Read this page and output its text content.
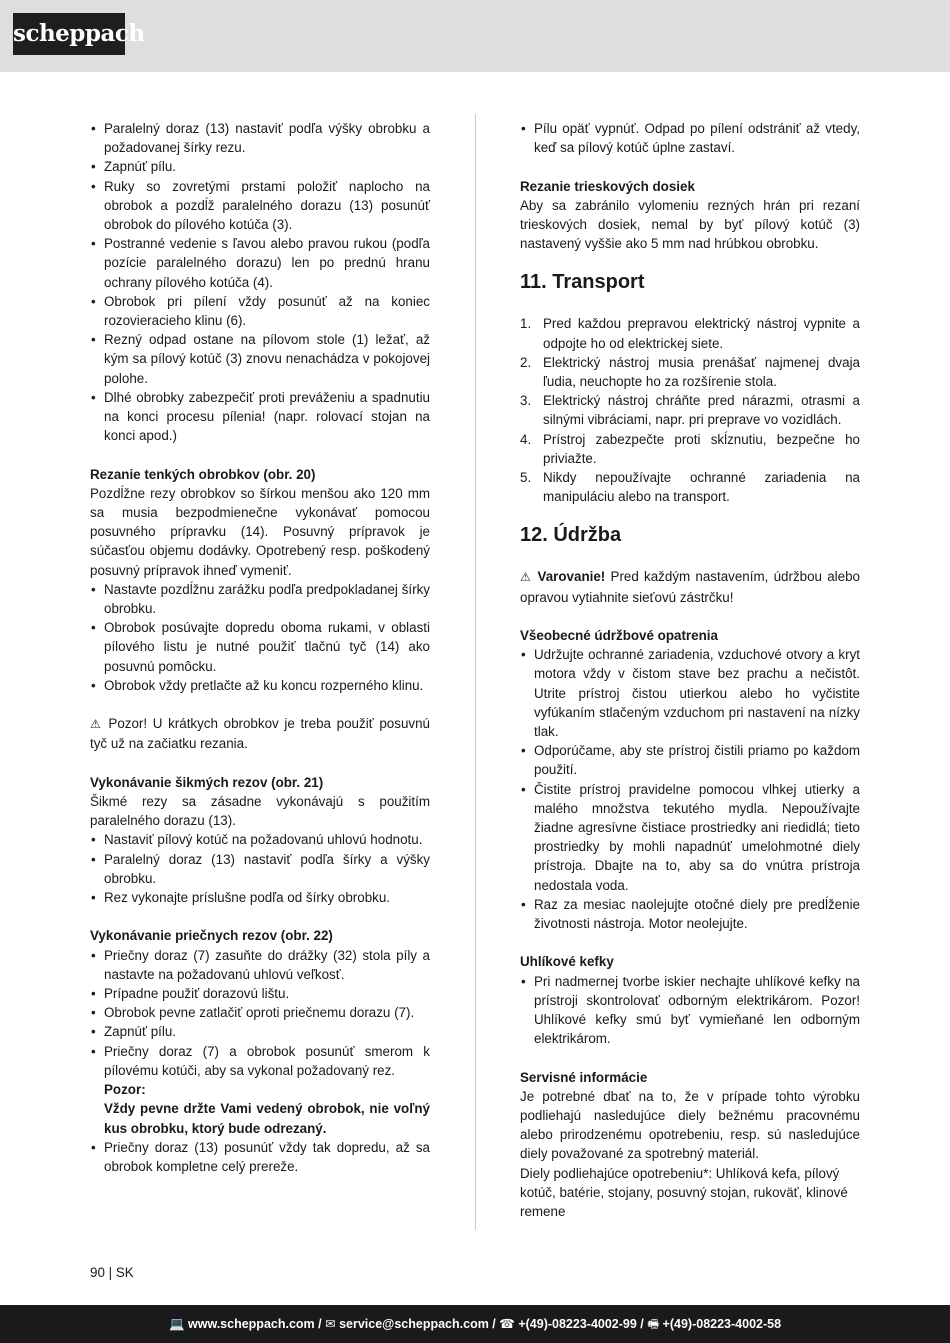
scheppach
• Paralelný doraz (13) nastaviť podľa výšky obrobku a požadovanej šírky rezu.
• Zapnúť pílu.
• Ruky so zovretými prstami položiť naplocho na obrobok a pozdĺž paralelného dorazu (13) posunúť obrobok do pílového kotúča (3).
• Postranné vedenie s ľavou alebo pravou rukou (podľa pozície paralelného dorazu) len po prednú hranu ochrany pílového kotúča (4).
• Obrobok pri pílení vždy posunúť až na koniec rozovieracieho klinu (6).
• Rezný odpad ostane na pílovom stole (1) ležať, až kým sa pílový kotúč (3) znovu nenachádza v pokojovej polohe.
• Dlhé obrobky zabezpečiť proti preváženiu a spadnutiu na konci procesu pílenia! (napr. rolovací stojan na konci apod.)

Rezanie tenkých obrobkov (obr. 20)

Pozdĺžne rezy obrobkov so šírkou menšou ako 120 mm sa musia bezpodmienečne vykonávať pomocou posuvného prípravku (14). Posuvný prípravok je súčasťou objemu dodávky. Opotrebený resp. poškodený posuvný prípravok ihneď vymeniť.

• Nastavte pozdĺžnu zarážku podľa predpokladanej šírky obrobku.
• Obrobok posúvajte dopredu oboma rukami, v oblasti pílového listu je nutné použiť tlačnú tyč (14) ako posuvnú pomôcku.
• Obrobok vždy pretlačte až ku koncu rozperného klinu.

⚠ Pozor! U krátkych obrobkov je treba použiť posuvnú tyč už na začiatku rezania.

Vykonávanie šikmých rezov (obr. 21)

Šikmé rezy sa zásadne vykonávajú s použitím paralelného dorazu (13).

• Nastaviť pílový kotúč na požadovanú uhlovú hodnotu.
• Paralelný doraz (13) nastaviť podľa šírky a výšky obrobku.
• Rez vykonajte príslušne podľa od šírky obrobku.

Vykonávanie priečnych rezov (obr. 22)

• Priečny doraz (7) zasuňte do drážky (32) stola píly a nastavte na požadovanú uhlovú veľkosť.
• Prípadne použiť dorazovú lištu.
• Obrobok pevne zatlačiť oproti priečnemu dorazu (7).
• Zapnúť pílu.
• Priečny doraz (7) a obrobok posunúť smerom k pílovému kotúči, aby sa vykonal požadovaný rez.
Pozor:
Vždy pevne držte Vami vedený obrobok, nie voľný kus obrobku, ktorý bude odrezaný.
• Priečny doraz (13) posunúť vždy tak dopredu, až sa obrobok kompletne celý prereže.
• Pílu opäť vypnúť. Odpad po pílení odstrániť až vtedy, keď sa pílový kotúč úplne zastaví.

Rezanie trieskových dosiek

Aby sa zabránilo vylomeniu rezných hrán pri rezaní trieskových dosiek, nemal by byť pílový kotúč (3) nastavený vyššie ako 5 mm nad hrúbkou obrobku.

11. Transport
1. Pred každou prepravou elektrický nástroj vypnite a odpojte ho od elektrickej siete.
2. Elektrický nástroj musia prenášať najmenej dvaja ľudia, neuchopte ho za rozšírenie stola.
3. Elektrický nástroj chráňte pred nárazmi, otrasmi a silnými vibráciami, napr. pri preprave vo vozidlách.
4. Prístroj zabezpečte proti skĺznutiu, bezpečne ho priviažte.
5. Nikdy nepoužívajte ochranné zariadenia na manipuláciu alebo na transport.
12. Údržba

⚠ Varovanie! Pred každým nastavením, údržbou alebo opravou vytiahnite sieťovú zástrčku!

Všeobecné údržbové opatrenia

• Udržujte ochranné zariadenia, vzduchové otvory a kryt motora vždy v čistom stave bez prachu a nečistôt. Utrite prístroj čistou utierkou alebo ho vyčistite vyfúkaním stlačeným vzduchom pri nastavení na nízky tlak.
• Odporúčame, aby ste prístroj čistili priamo po každom použití.
• Čistite prístroj pravidelne pomocou vlhkej utierky a malého množstva tekutého mydla. Nepoužívajte žiadne agresívne čistiace prostriedky ani riedidlá; tieto prostriedky by mohli napadnúť umelohmotné diely prístroja. Dbajte na to, aby sa do vnútra prístroja nedostala voda.
• Raz za mesiac naolejujte otočné diely pre predĺženie životnosti nástroja. Motor neolejujte.

Uhlíkové kefky

• Pri nadmernej tvorbe iskier nechajte uhlíkové kefky na prístroji skontrolovať odborným elektrikárom. Pozor! Uhlíkové kefky smú byť vymieňané len odborným elektrikárom.

Servisné informácie

Je potrebné dbať na to, že v prípade tohto výrobku podliehajú nasledujúce diely bežnému pracovnému alebo prirodzenému opotrebeniu, resp. sú nasledujúce diely považované za spotrebný materiál.

Diely podliehajúce opotrebeniu*: Uhlíková kefa, pílový kotúč, batérie, stojany, posuvný stojan, rukoväť, klinové remene

90 | SK
💻 www.scheppach.com / ✉ service@scheppach.com / ☎ +(49)-08223-4002-99 / 🖷 +(49)-08223-4002-58
